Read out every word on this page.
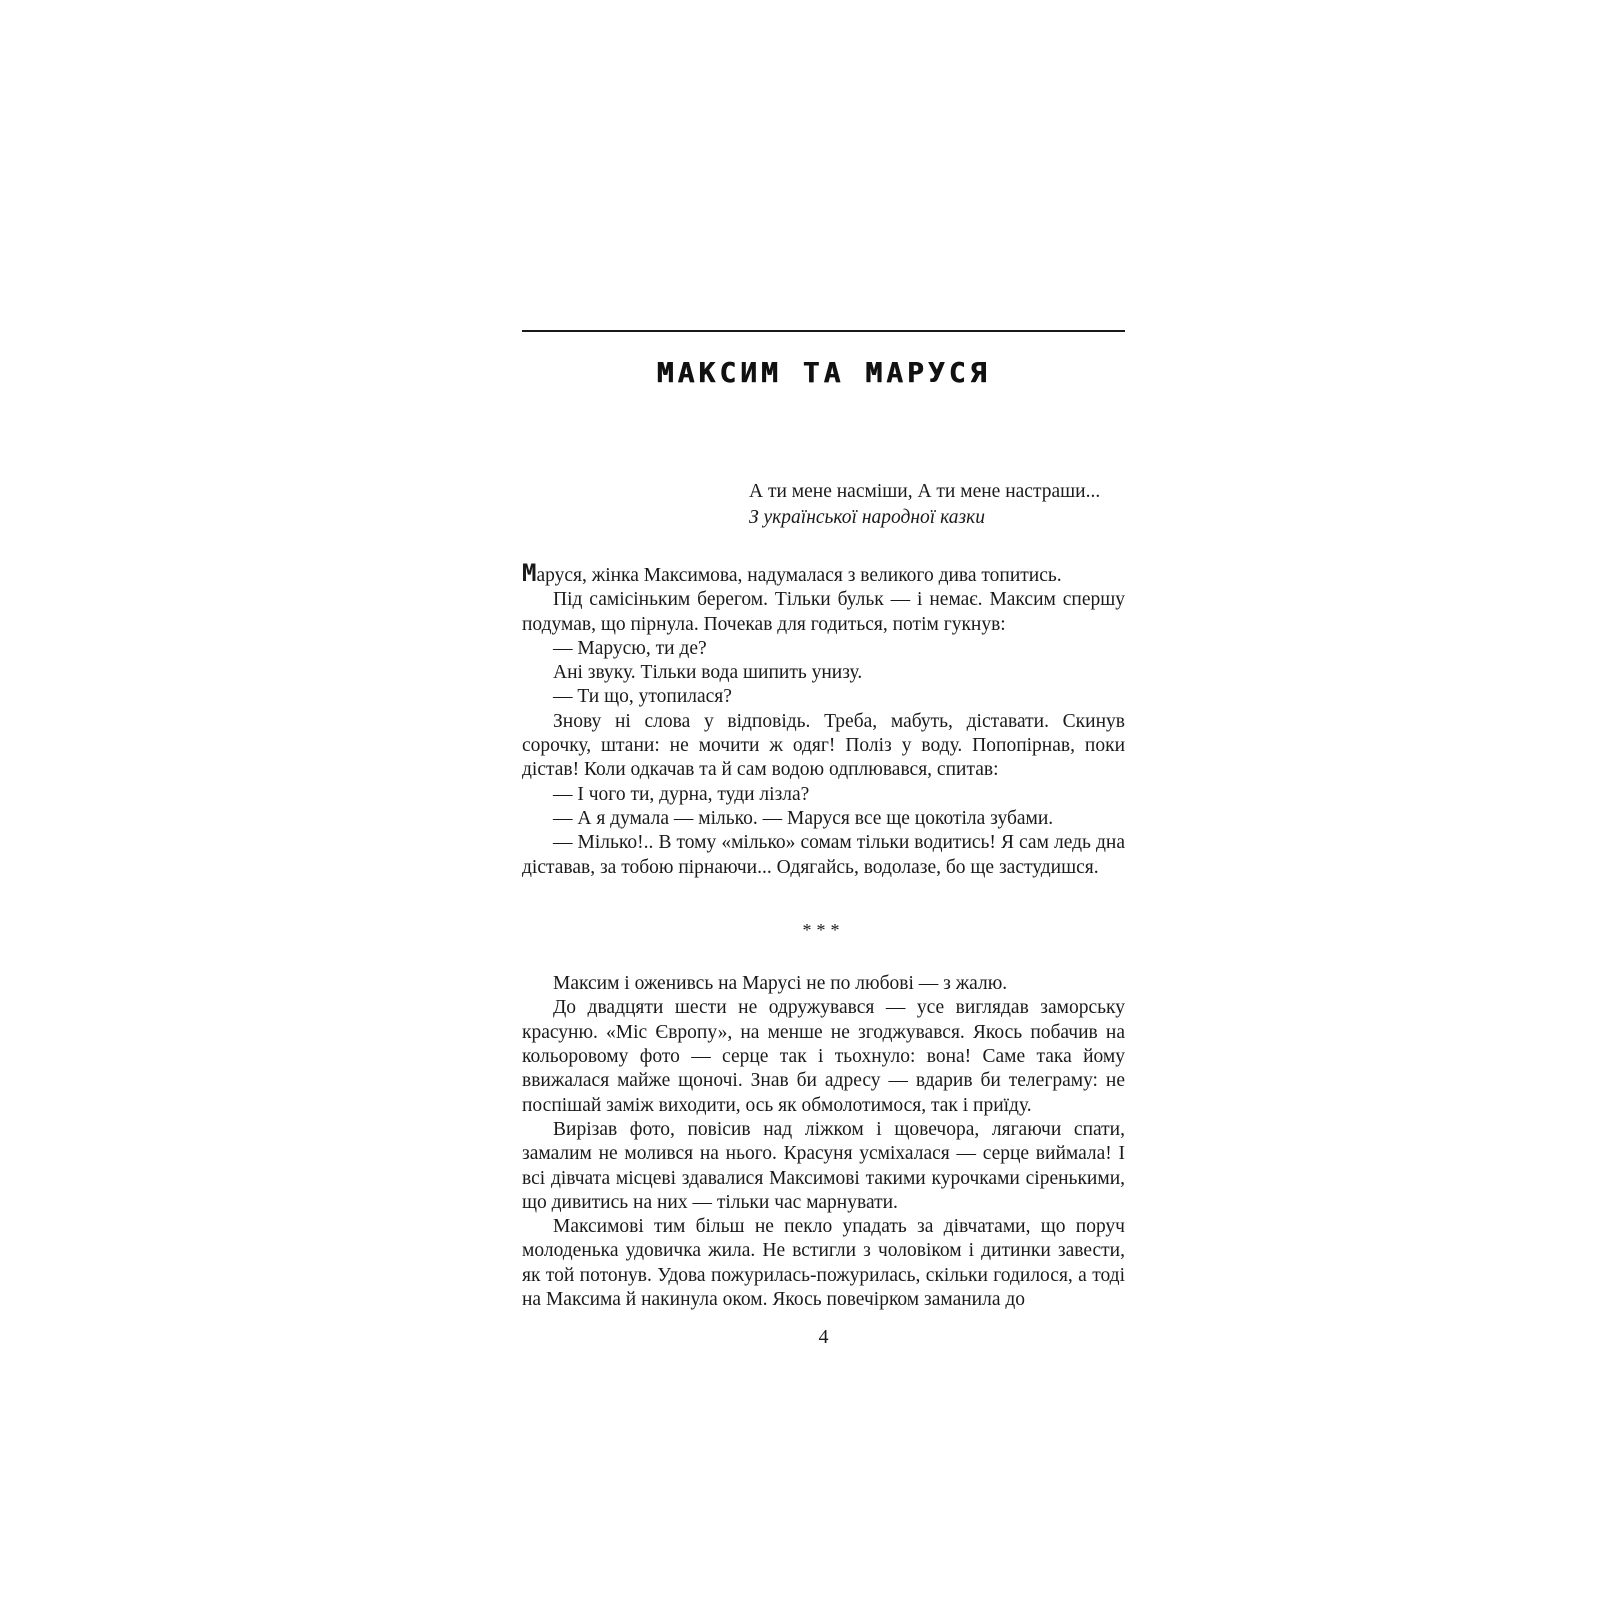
МАКСИМ ТА МАРУСЯ
А ти мене насміши, А ти мене настраши...
З української народної казки

Маруся, жінка Максимова, надумалася з великого дива топитись.

Під самісіньким берегом. Тільки бульк — і немає. Максим спершу подумав, що пірнула. Почекав для годиться, потім гукнув:

— Марусю, ти де?

Ані звуку. Тільки вода шипить унизу.

— Ти що, утопилася?

Знову ні слова у відповідь. Треба, мабуть, діставати. Скинув сорочку, штани: не мочити ж одяг! Поліз у воду. Попопірнав, поки дістав! Коли одкачав та й сам водою одплювався, спитав:

— І чого ти, дурна, туди лізла?

— А я думала — мілько. — Маруся все ще цокотіла зубами.

— Мілько!.. В тому «мілько» сомам тільки водитись! Я сам ледь дна діставав, за тобою пірнаючи... Одягайсь, водолазе, бо ще застудишся.

***

Максим і оженивсь на Марусі не по любові — з жалю.

До двадцяти шести не одружувався — усе виглядав заморську красуню. «Міс Європу», на менше не згоджувався. Якось побачив на кольоровому фото — серце так і тьохнуло: вона! Саме така йому ввижалася майже щоночі. Знав би адресу — вдарив би телеграму: не поспішай заміж виходити, ось як обмолотимося, так і приїду.

Вирізав фото, повісив над ліжком і щовечора, лягаючи спати, замалим не молився на нього. Красуня усміхалася — серце виймала! І всі дівчата місцеві здавалися Максимові такими курочками сіренькими, що дивитись на них — тільки час марнувати.

Максимові тим більш не пекло упадать за дівчатами, що поруч молоденька удовичка жила. Не встигли з чоловіком і дитинки завести, як той потонув. Удова пожурилась-пожурилась, скільки годилося, а тоді на Максима й накинула оком. Якось повечірком заманила до

4
